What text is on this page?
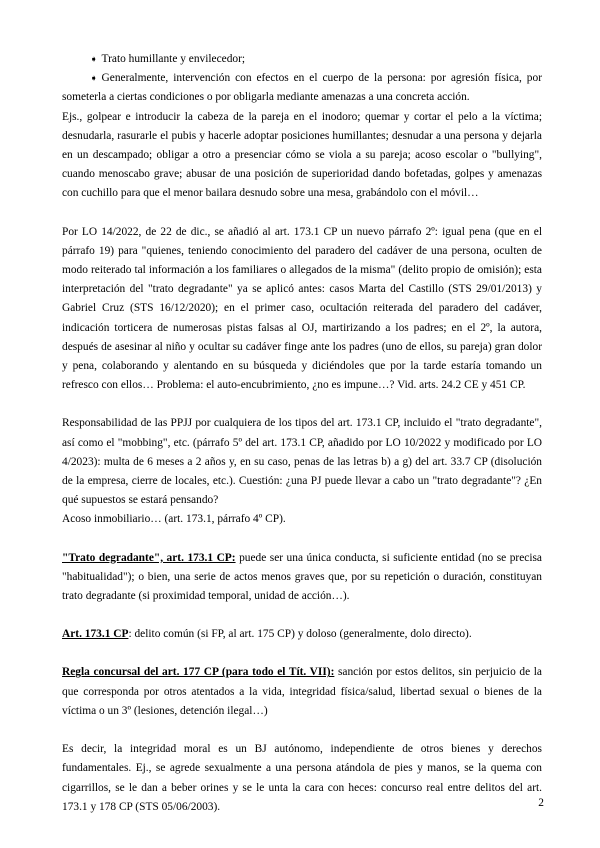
➧ Trato humillante y envilecedor;

➧ Generalmente, intervención con efectos en el cuerpo de la persona: por agresión física, por someterla a ciertas condiciones o por obligarla mediante amenazas a una concreta acción.

Ejs., golpear e introducir la cabeza de la pareja en el inodoro; quemar y cortar el pelo a la víctima; desnudarla, rasurarle el pubis y hacerle adoptar posiciones humillantes; desnudar a una persona y dejarla en un descampado; obligar a otro a presenciar cómo se viola a su pareja; acoso escolar o "bullying", cuando menoscabo grave; abusar de una posición de superioridad dando bofetadas, golpes y amenazas con cuchillo para que el menor bailara desnudo sobre una mesa, grabándolo con el móvil…

Por LO 14/2022, de 22 de dic., se añadió al art. 173.1 CP un nuevo párrafo 2º: igual pena (que en el párrafo 19) para "quienes, teniendo conocimiento del paradero del cadáver de una persona, oculten de modo reiterado tal información a los familiares o allegados de la misma" (delito propio de omisión); esta interpretación del "trato degradante" ya se aplicó antes: casos Marta del Castillo (STS 29/01/2013) y Gabriel Cruz (STS 16/12/2020); en el primer caso, ocultación reiterada del paradero del cadáver, indicación torticera de numerosas pistas falsas al OJ, martirizando a los padres; en el 2º, la autora, después de asesinar al niño y ocultar su cadáver finge ante los padres (uno de ellos, su pareja) gran dolor y pena, colaborando y alentando en su búsqueda y diciéndoles que por la tarde estaría tomando un refresco con ellos… Problema: el auto-encubrimiento, ¿no es impune…? Vid. arts. 24.2 CE y 451 CP.

Responsabilidad de las PPJJ por cualquiera de los tipos del art. 173.1 CP, incluido el "trato degradante", así como el "mobbing", etc. (párrafo 5º del art. 173.1 CP, añadido por LO 10/2022 y modificado por LO 4/2023): multa de 6 meses a 2 años y, en su caso, penas de las letras b) a g) del art. 33.7 CP (disolución de la empresa, cierre de locales, etc.). Cuestión: ¿una PJ puede llevar a cabo un "trato degradante"? ¿En qué supuestos se estará pensando?

Acoso inmobiliario… (art. 173.1, párrafo 4º CP).

"Trato degradante", art. 173.1 CP: puede ser una única conducta, si suficiente entidad (no se precisa "habitualidad"); o bien, una serie de actos menos graves que, por su repetición o duración, constituyan trato degradante (si proximidad temporal, unidad de acción…).

Art. 173.1 CP: delito común (si FP, al art. 175 CP) y doloso (generalmente, dolo directo).

Regla concursal del art. 177 CP (para todo el Tít. VII): sanción por estos delitos, sin perjuicio de la que corresponda por otros atentados a la vida, integridad física/salud, libertad sexual o bienes de la víctima o un 3º (lesiones, detención ilegal…)

Es decir, la integridad moral es un BJ autónomo, independiente de otros bienes y derechos fundamentales. Ej., se agrede sexualmente a una persona atándola de pies y manos, se la quema con cigarrillos, se le dan a beber orines y se le unta la cara con heces: concurso real entre delitos del art. 173.1 y 178 CP (STS 05/06/2003).	2
